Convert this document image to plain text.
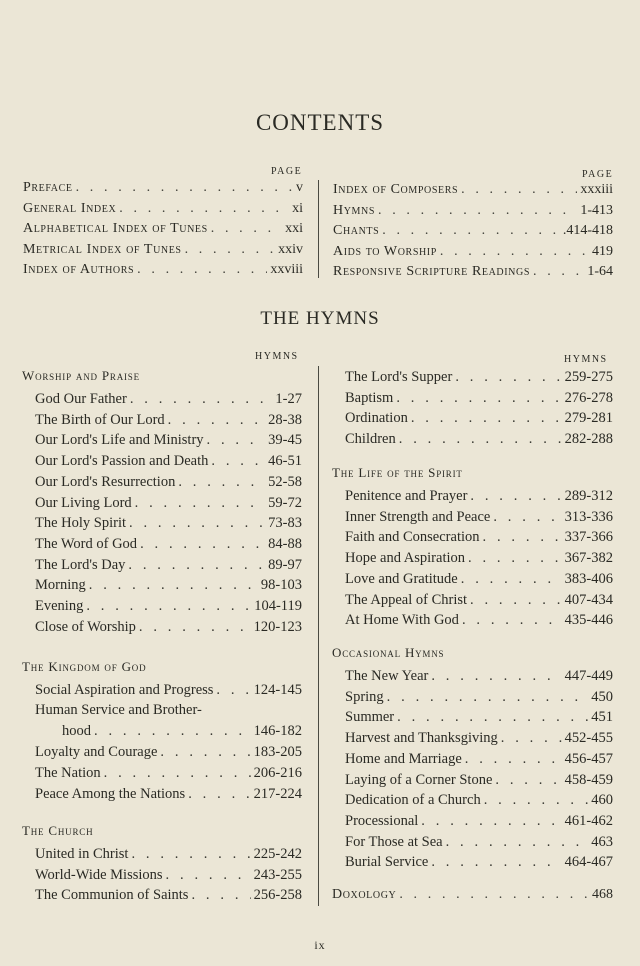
CONTENTS
PAGE	PAGE
Preface . . .	v
General Index . . .	xi
Alphabetical Index of Tunes . . .	xxi
Metrical Index of Tunes . . .	xxiv
Index of Authors . . .	xxviii
Index of Composers . . .	xxxiii
Hymns . . .	1-413
Chants . . .	.414-418
Aids to Worship . . .	419
Responsive Scripture Readings . . .	1-64
THE HYMNS
HYMNS	HYMNS
Worship and Praise
God Our Father . . .	1-27
The Birth of Our Lord . . .	28-38
Our Lord's Life and Ministry . . .	39-45
Our Lord's Passion and Death . . .	46-51
Our Lord's Resurrection . . .	52-58
Our Living Lord . . .	59-72
The Holy Spirit . . .	73-83
The Word of God . . .	84-88
The Lord's Day . . .	89-97
Morning . . .	98-103
Evening . . .	104-119
Close of Worship . . .	120-123
The Kingdom of God
Social Aspiration and Progress . . .	124-145
Human Service and Brother-
hood . . .	146-182
Loyalty and Courage . . .	183-205
The Nation . . .	206-216
Peace Among the Nations . . .	217-224
The Church
United in Christ . . .	225-242
World-Wide Missions . . .	243-255
The Communion of Saints . . .	256-258
The Lord's Supper . . .	259-275
Baptism . . .	276-278
Ordination . . .	279-281
Children . . .	282-288
The Life of the Spirit
Penitence and Prayer . . .	289-312
Inner Strength and Peace . . .	313-336
Faith and Consecration . . .	337-366
Hope and Aspiration . . .	367-382
Love and Gratitude . . .	383-406
The Appeal of Christ . . .	407-434
At Home With God . . .	435-446
Occasional Hymns
The New Year . . .	447-449
Spring . . .	450
Summer . . .	451
Harvest and Thanksgiving . . .	452-455
Home and Marriage . . .	456-457
Laying of a Corner Stone . . .	458-459
Dedication of a Church . . .	460
Processional . . .	461-462
For Those at Sea . . .	463
Burial Service . . .	464-467
Doxology . . .	468
ix
